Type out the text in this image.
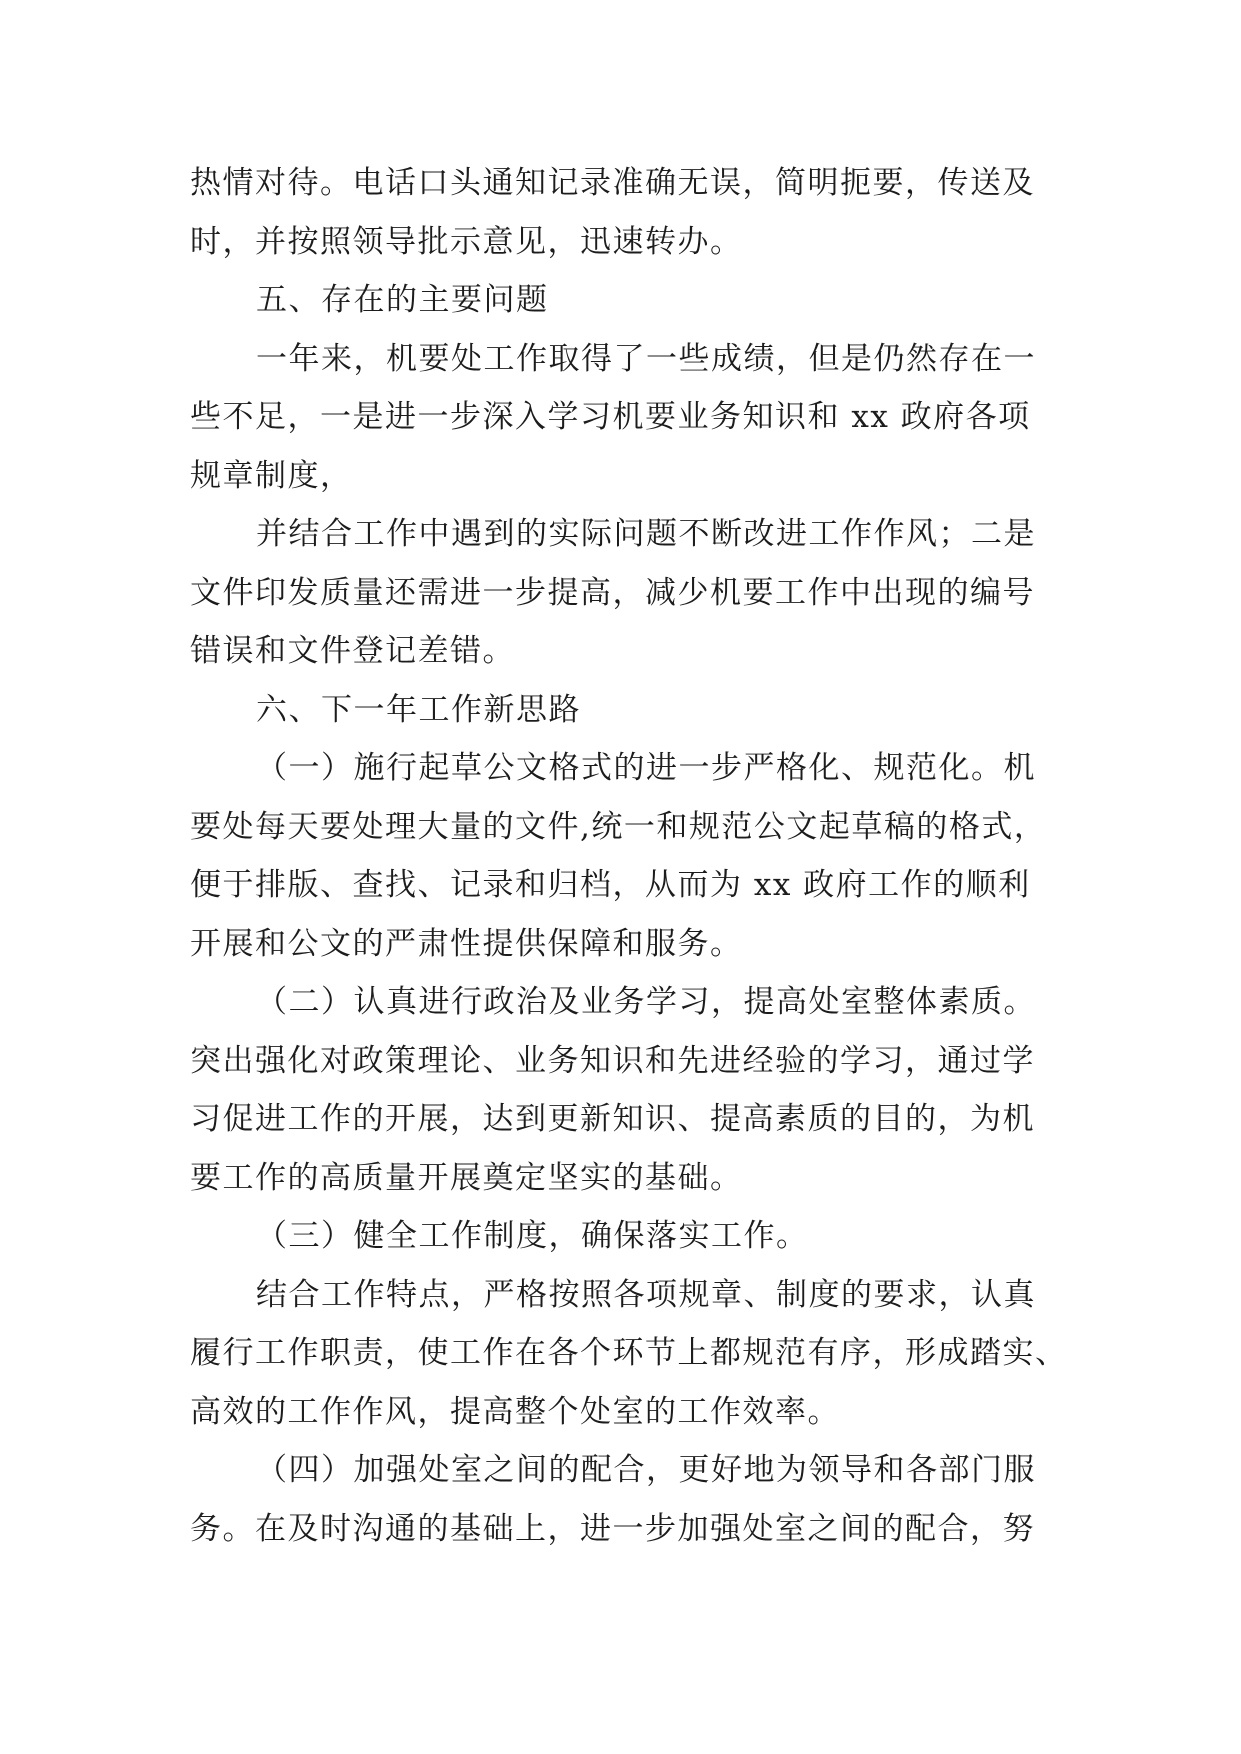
热情对待。电话口头通知记录准确无误，简明扼要，传送及
时，并按照领导批示意见，迅速转办。
五、存在的主要问题
一年来，机要处工作取得了一些成绩，但是仍然存在一
些不足，一是进一步深入学习机要业务知识和 xx 政府各项
规章制度，
并结合工作中遇到的实际问题不断改进工作作风；二是
文件印发质量还需进一步提高，减少机要工作中出现的编号
错误和文件登记差错。
六、下一年工作新思路
（一）施行起草公文格式的进一步严格化、规范化。机
要处每天要处理大量的文件,统一和规范公文起草稿的格式，
便于排版、查找、记录和归档，从而为 xx 政府工作的顺利
开展和公文的严肃性提供保障和服务。
（二）认真进行政治及业务学习，提高处室整体素质。
突出强化对政策理论、业务知识和先进经验的学习，通过学
习促进工作的开展，达到更新知识、提高素质的目的，为机
要工作的高质量开展奠定坚实的基础。
（三）健全工作制度，确保落实工作。
结合工作特点，严格按照各项规章、制度的要求，认真
履行工作职责，使工作在各个环节上都规范有序，形成踏实、
高效的工作作风，提高整个处室的工作效率。
（四）加强处室之间的配合，更好地为领导和各部门服
务。在及时沟通的基础上，进一步加强处室之间的配合，努
